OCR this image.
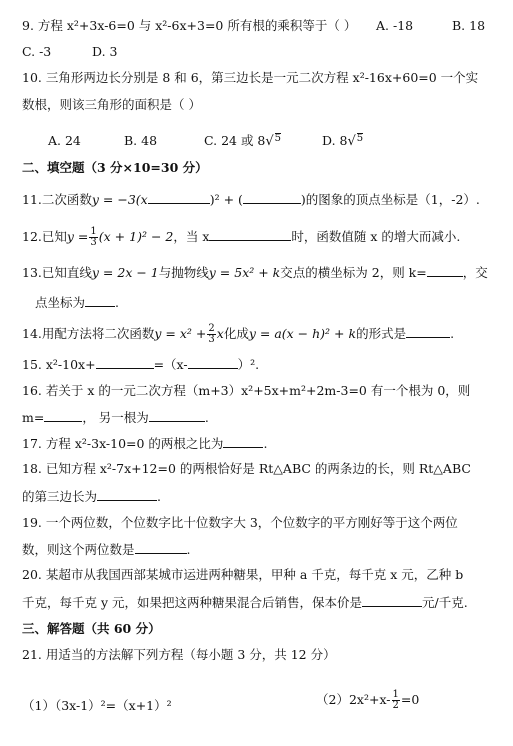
9. 方程 x²+3x-6=0 与 x²-6x+3=0 所有根的乘积等于（ ） A. -18	B. 18
C. -3	D. 3
10. 三角形两边长分别是 8 和 6，第三边长是一元二次方程 x²-16x+60=0 一个实
数根，则该三角形的面积是（ ）
A. 24	B. 48	C. 24 或 8√5	D. 8√5
二、填空题（3 分×10=30 分）
11.二次函数y = −3(x	)² + (	)的图象的顶点坐标是（1，-2）.
12.已知$y = \frac{1}{3} (x + 1)^2 - 2$，当 x	时，函数值随 x 的增大而减小.
13.已知直线y = 2x − 1与抛物线y = 5x² + k交点的横坐标为 2，则 k=	，交
点坐标为 .
14.用配方法将二次函数$y = x^2 + \frac{2}{3}$ x化成y = a(x − h)² + k的形式是	.
15. x²-10x+	=（x-	）².
16. 若关于 x 的一元二次方程（m+3）x²+5x+m²+2m-3=0 有一个根为 0，则
m=	， 另一根为	.
17. 方程 x²-3x-10=0 的两根之比为	.
18. 已知方程 x²-7x+12=0 的两根恰好是 Rt△ABC 的两条边的长，则 Rt△ABC
的第三边长为	.
19. 一个两位数，个位数字比十位数字大 3，个位数字的平方刚好等于这个两位
数，则这个两位数是	.
20. 某超市从我国西部某城市运进两种糖果，甲种 a 千克，每千克 x 元，乙种 b
千克，每千克 y 元，如果把这两种糖果混合后销售，保本价是	元/千克.
三、解答题（共 60 分）
21. 用适当的方法解下列方程（每小题 3 分，共 12 分）
（1）（3x-1）²=（x+1）²	$(2)2x^2+x- \frac{1}{2} =0$
